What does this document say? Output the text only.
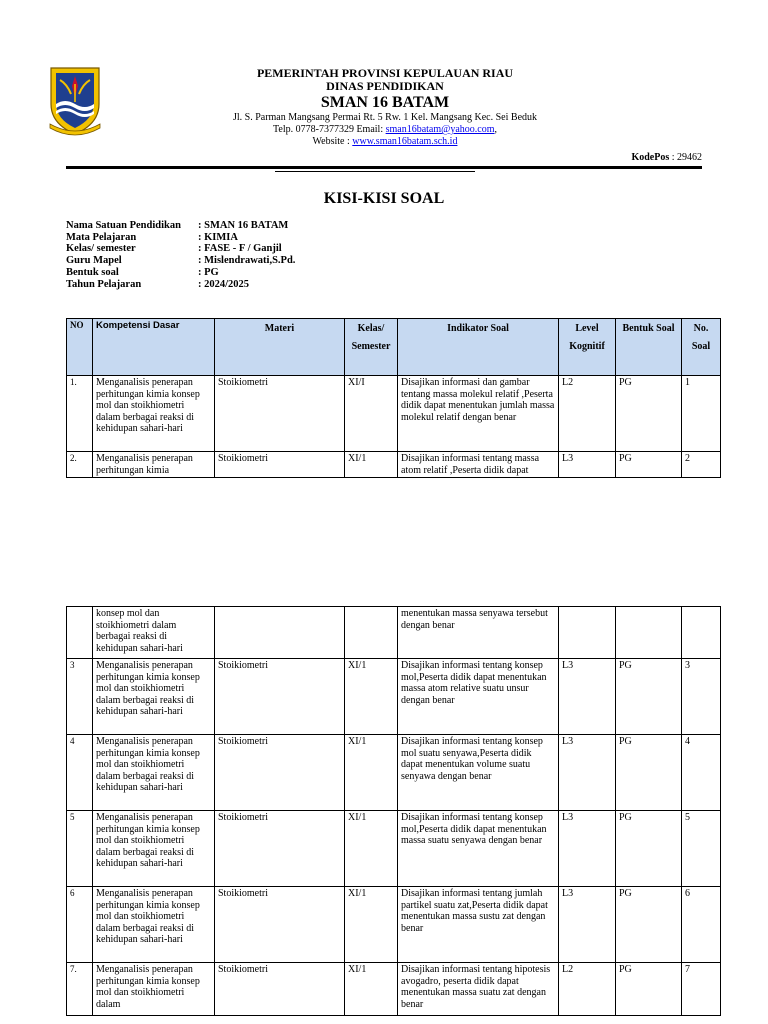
PEMERINTAH PROVINSI KEPULAUAN RIAU
DINAS PENDIDIKAN
SMAN 16 BATAM
Jl. S. Parman Mangsang Permai Rt. 5 Rw. 1 Kel. Mangsang Kec. Sei Beduk
Telp. 0778-7377329 Email: sman16batam@yahoo.com,
Website : www.sman16batam.sch.id
KodePos : 29462
KISI-KISI SOAL
Nama Satuan Pendidikan	: SMAN 16 BATAM
Mata Pelajaran	: KIMIA
Kelas/ semester	: FASE - F / Ganjil
Guru Mapel	: Mislendrawati,S.Pd.
Bentuk soal	: PG
Tahun Pelajaran	: 2024/2025
NO	Kompetensi Dasar	Materi	Kelas/ Semester	Indikator Soal	Level Kognitif	Bentuk Soal	No. Soal
1.	Menganalisis penerapan perhitungan kimia konsep mol dan stoikhiometri dalam berbagai reaksi di kehidupan sahari-hari	Stoikiometri	XI/I	Disajikan informasi dan gambar tentang massa molekul relatif ,Peserta didik dapat menentukan jumlah massa molekul relatif dengan benar	L2	PG	1
2.	Menganalisis penerapan perhitungan kimia	Stoikiometri	XI/1	Disajikan informasi tentang massa atom relatif ,Peserta didik dapat	L3	PG	2
	konsep mol dan stoikhiometri dalam berbagai reaksi di kehidupan sahari-hari			menentukan massa senyawa tersebut dengan benar			
3	Menganalisis penerapan perhitungan kimia konsep mol dan stoikhiometri dalam berbagai reaksi di kehidupan sahari-hari	Stoikiometri	XI/1	Disajikan informasi tentang konsep mol,Peserta didik dapat menentukan massa atom relative suatu unsur dengan benar	L3	PG	3
4	Menganalisis penerapan perhitungan kimia konsep mol dan stoikhiometri dalam berbagai reaksi di kehidupan sahari-hari	Stoikiometri	XI/1	Disajikan informasi tentang konsep mol suatu senyawa,Peserta didik dapat menentukan volume suatu senyawa dengan benar	L3	PG	4
5	Menganalisis penerapan perhitungan kimia konsep mol dan stoikhiometri dalam berbagai reaksi di kehidupan sahari-hari	Stoikiometri	XI/1	Disajikan informasi tentang konsep mol,Peserta didik dapat menentukan massa suatu senyawa dengan benar	L3	PG	5
6	Menganalisis penerapan perhitungan kimia konsep mol dan stoikhiometri dalam berbagai reaksi di kehidupan sahari-hari	Stoikiometri	XI/1	Disajikan informasi tentang jumlah partikel suatu zat,Peserta didik dapat menentukan massa sustu zat dengan benar	L3	PG	6
7.	Menganalisis penerapan perhitungan kimia konsep mol dan stoikhiometri dalam	Stoikiometri	XI/1	Disajikan informasi tentang hipotesis avogadro, peserta didik dapat menentukan massa suatu zat dengan benar	L2	PG	7
